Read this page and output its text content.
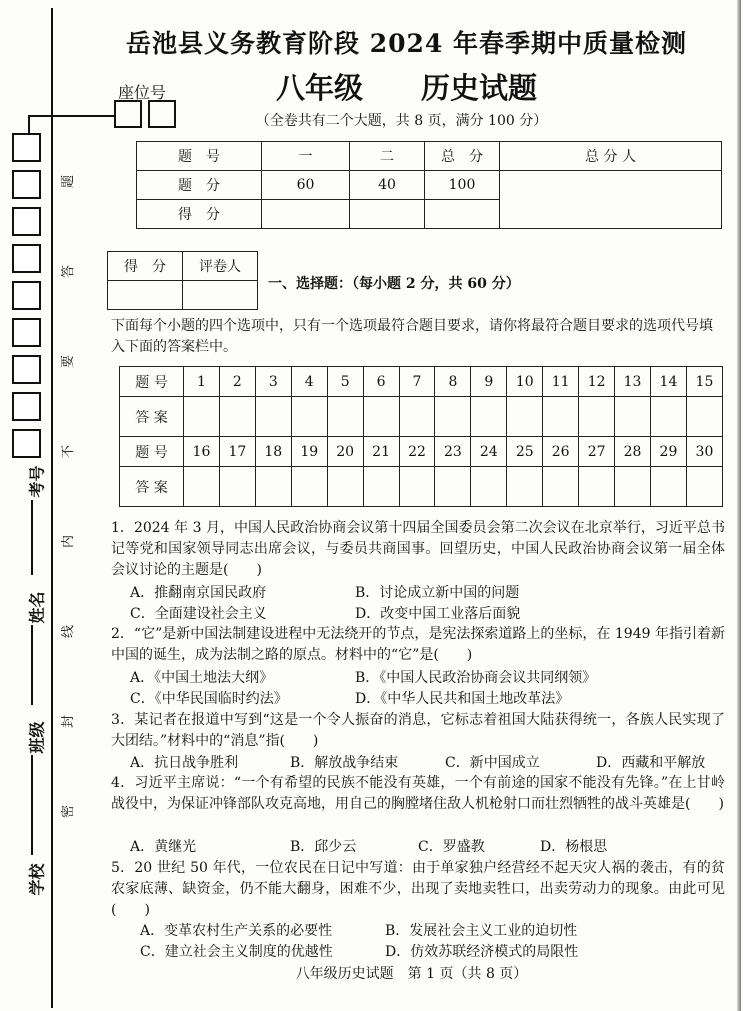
题
答
要
不
内
线
封
密
考号
姓名
班级
学校
岳池县义务教育阶段 2024 年春季期中质量检测
八年级　　历史试题
座位号
（全卷共有二个大题，共 8 页，满分 100 分）
题　号	一	二	总　分	总 分 人
题　分	60	40	100	
得　分				
得　分	评卷人

一、选择题：（每小题 2 分，共 60 分）
下面每个小题的四个选项中，只有一个选项最符合题目要求，请你将最符合题目要求的选项代号填入下面的答案栏中。
题 号	1	2	3	4	5	6	7	8	9	10	11	12	13	14	15
答 案															
题 号	16	17	18	19	20	21	22	23	24	25	26	27	28	29	30
答 案															
1．2024 年 3 月，中国人民政治协商会议第十四届全国委员会第二次会议在北京举行，习近平总书记等党和国家领导同志出席会议，与委员共商国事。回望历史，中国人民政治协商会议第一届全体会议讨论的主题是(　　)
A．推翻南京国民政府	B．讨论成立新中国的问题
C．全面建设社会主义	D．改变中国工业落后面貌
2．“它”是新中国法制建设进程中无法绕开的节点，是宪法探索道路上的坐标，在 1949 年指引着新中国的诞生，成为法制之路的原点。材料中的“它”是(　　)
A．《中国土地法大纲》	B．《中国人民政治协商会议共同纲领》
C．《中华民国临时约法》	D．《中华人民共和国土地改革法》
3．某记者在报道中写到“这是一个令人振奋的消息，它标志着祖国大陆获得统一，各族人民实现了大团结。”材料中的“消息”指(　　)
A．抗日战争胜利	B．解放战争结束	C．新中国成立	D．西藏和平解放
4．习近平主席说：“一个有希望的民族不能没有英雄，一个有前途的国家不能没有先锋。”在上甘岭战役中，为保证冲锋部队攻克高地，用自己的胸膛堵住敌人机枪射口而壮烈牺牲的战斗英雄是(　　)
A．黄继光	B．邱少云	C．罗盛教	D．杨根思
5．20 世纪 50 年代，一位农民在日记中写道：由于单家独户经营经不起天灾人祸的袭击，有的贫农家底薄、缺资金，仍不能大翻身，困难不少，出现了卖地卖牲口，出卖劳动力的现象。由此可见(　　)
A．变革农村生产关系的必要性	B．发展社会主义工业的迫切性
C．建立社会主义制度的优越性	D．仿效苏联经济模式的局限性
八年级历史试题　第 1 页（共 8 页）
